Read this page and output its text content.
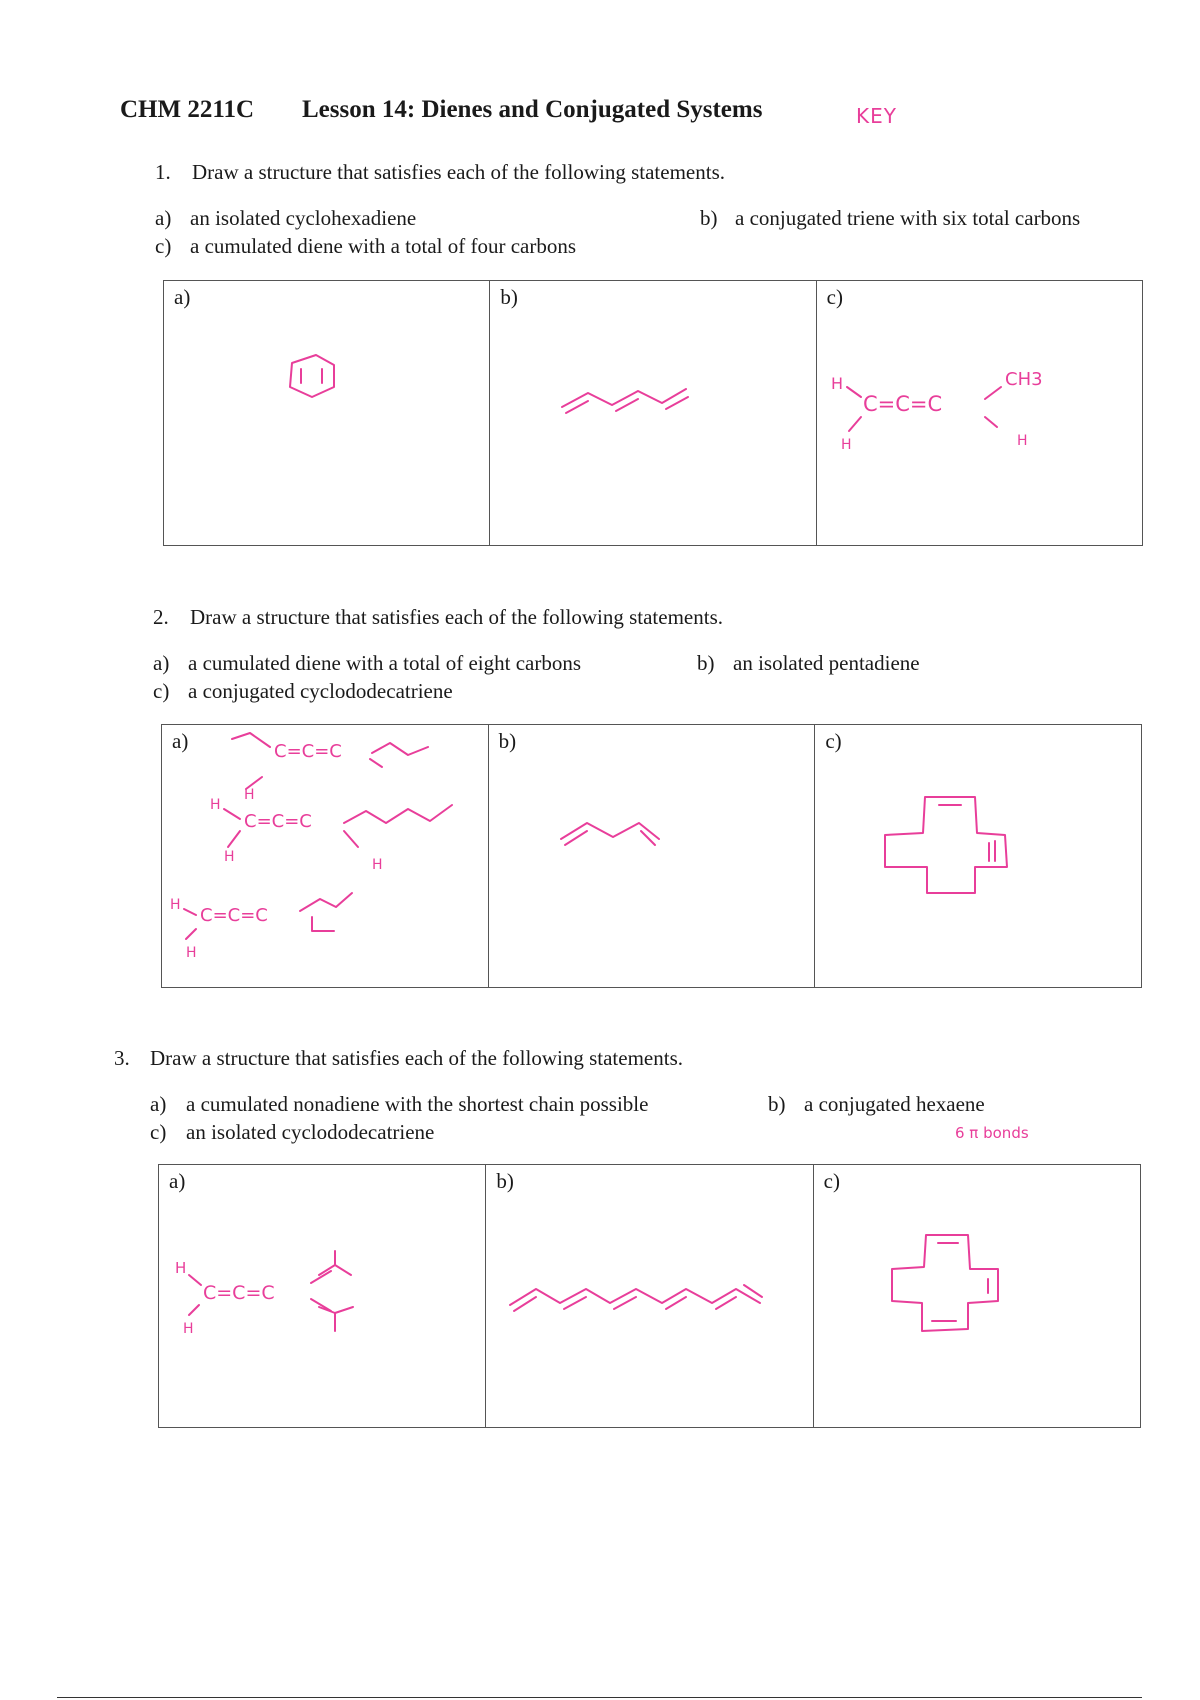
CHM 2211C Lesson 14: Dienes and Conjugated Systems	KEY
1. Draw a structure that satisfies each of the following statements.
a) an isolated cyclohexadiene	b) a conjugated triene with six total carbons
c) a cumulated diene with a total of four carbons
a)	b)	c)
H
C=C=C
H
CH3
H
2. Draw a structure that satisfies each of the following statements.
a) a cumulated diene with a total of eight carbons	b) an isolated pentadiene
c) a conjugated cyclododecatriene
a)	C=C=C
H
H
C=C=C
H	H
H C=C=C
H
b)	c)
3. Draw a structure that satisfies each of the following statements.
a) a cumulated nonadiene with the shortest chain possible	b) a conjugated hexaene
c) an isolated cyclododecatriene	6 π bonds
a)
H
C=C=C
H
b)	c)
